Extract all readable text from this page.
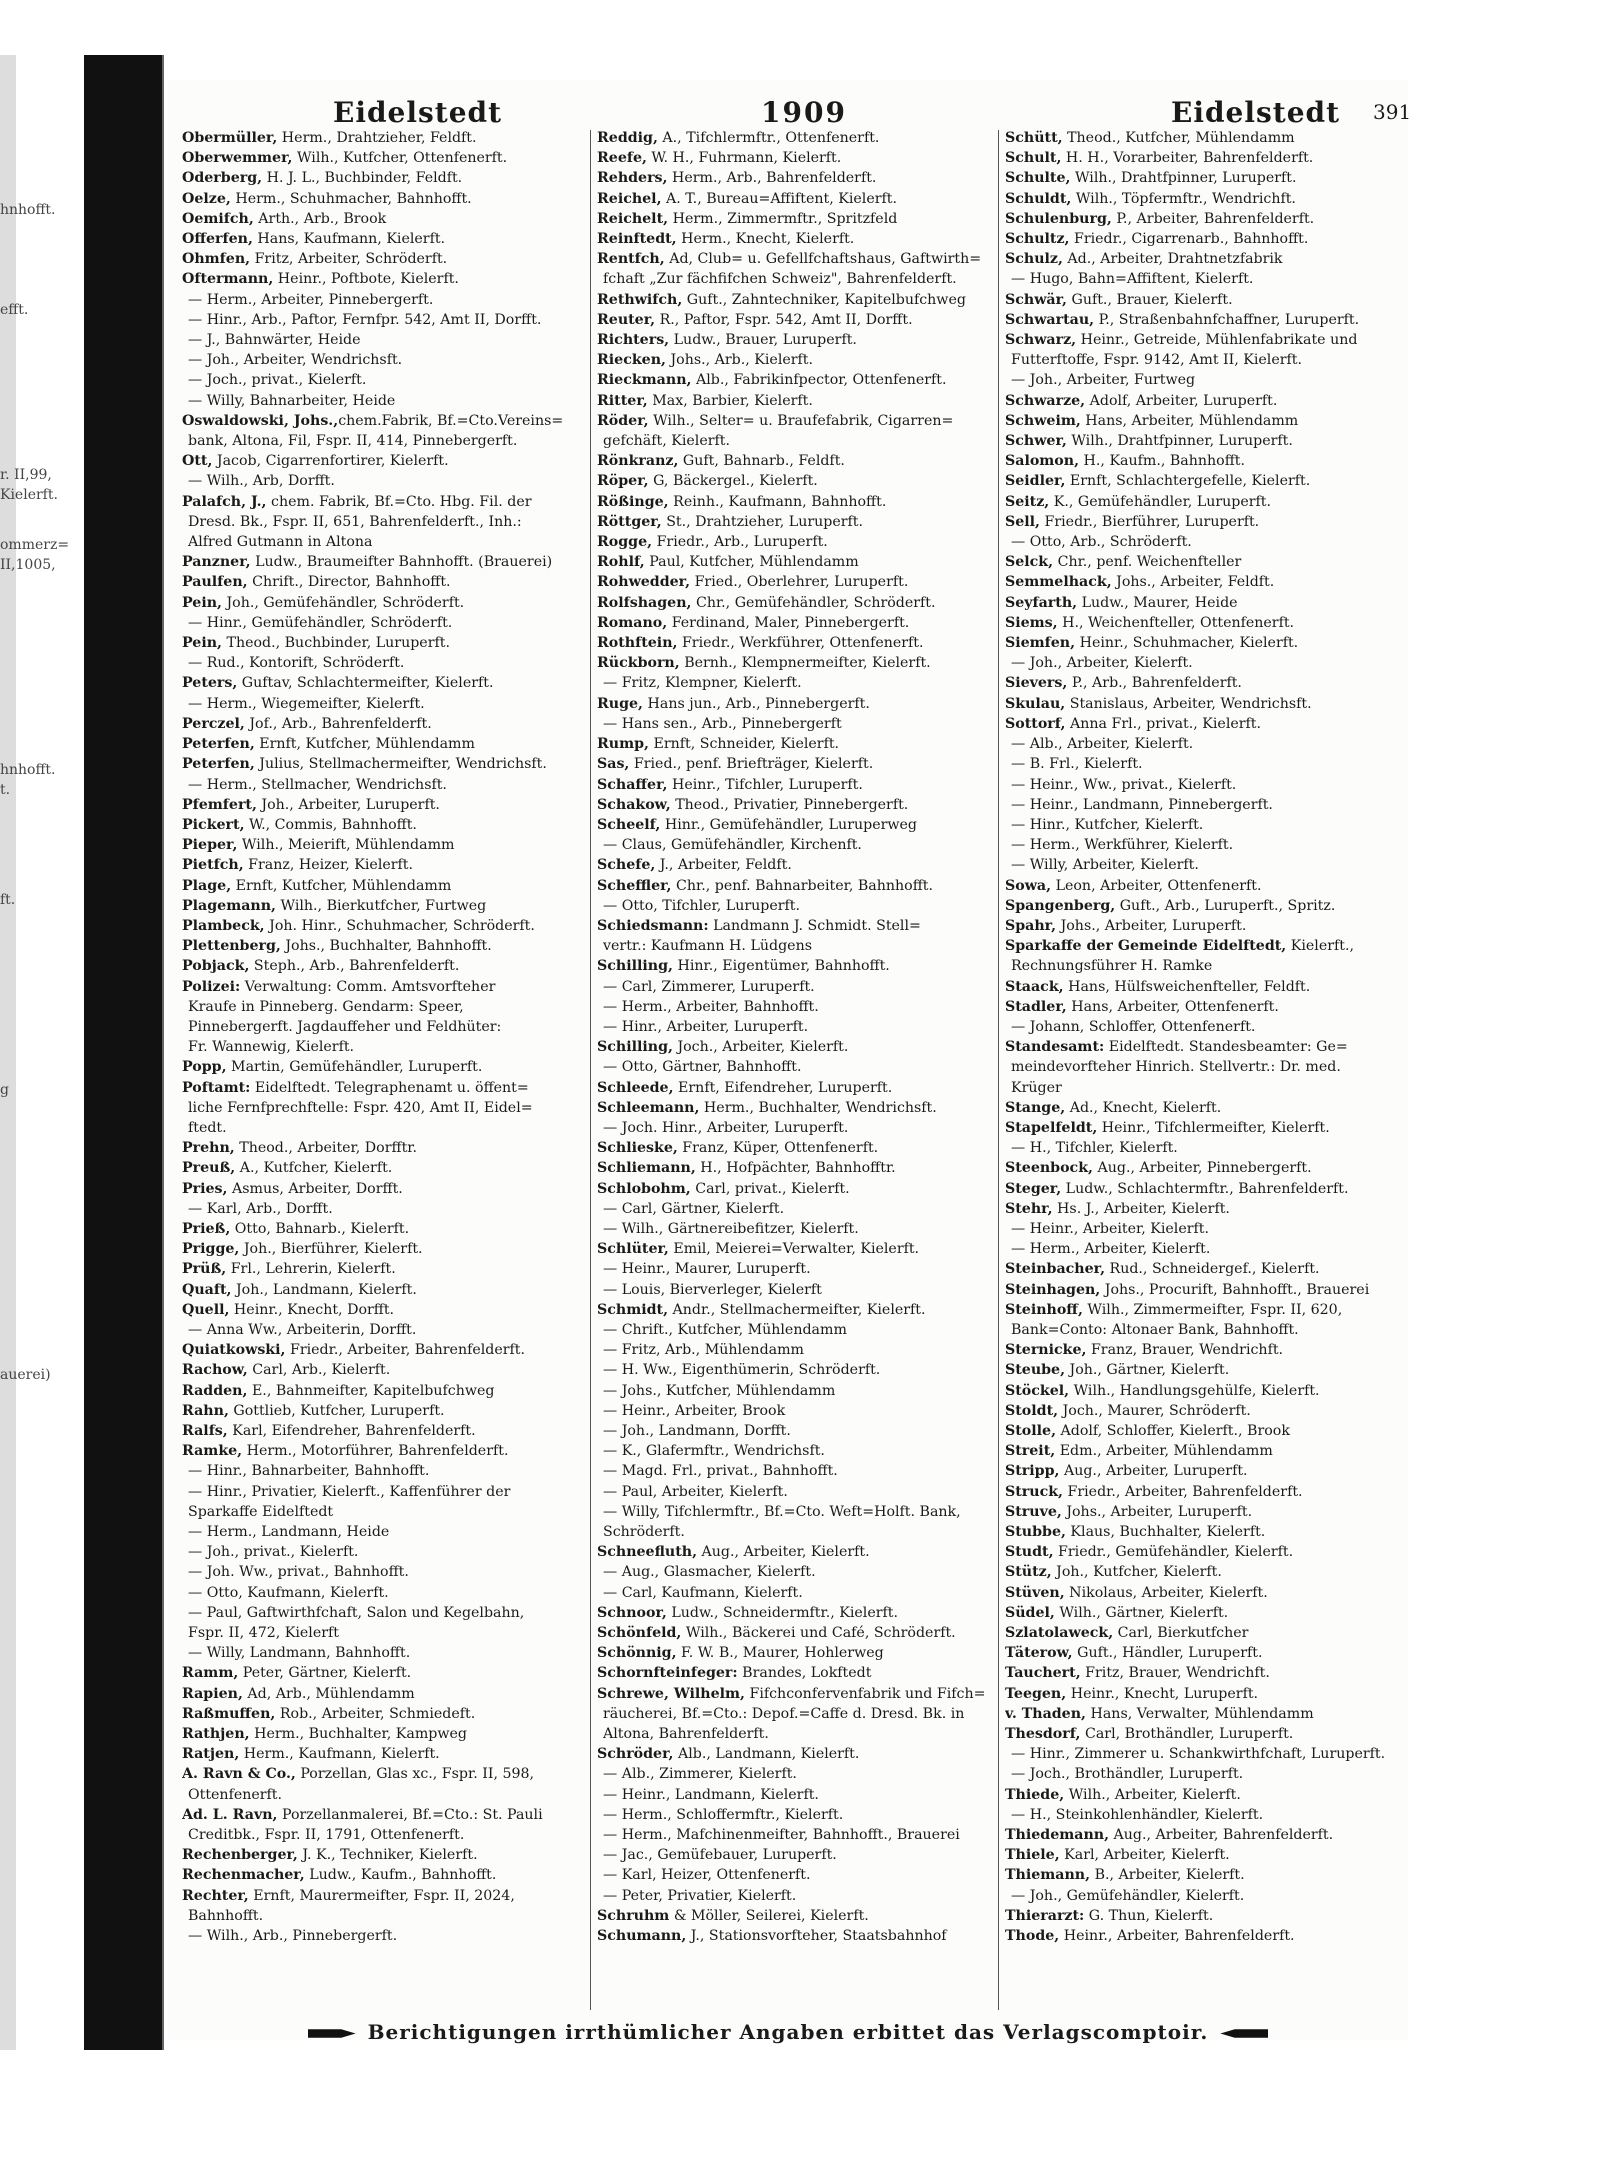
hnhofft.
efft.
r. II,99,
Kielerft.
ommerz=
II,1005,
hnhofft.
t.
ft.
g
auerei)
Eidelstedt	1909	Eidelstedt 391
Obermüller, Herm., Drahtzieher, Feldft.
Oberwemmer, Wilh., Kutfcher, Ottenfenerft.
Oderberg, H. J. L., Buchbinder, Feldft.
Oelze, Herm., Schuhmacher, Bahnhofft.
Oemifch, Arth., Arb., Brook
Offerfen, Hans, Kaufmann, Kielerft.
Ohmfen, Fritz, Arbeiter, Schröderft.
Oftermann, Heinr., Poftbote, Kielerft.
— Herm., Arbeiter, Pinnebergerft.
— Hinr., Arb., Paftor, Fernfpr. 542, Amt II, Dorfft.
— J., Bahnwärter, Heide
— Joh., Arbeiter, Wendrichsft.
— Joch., privat., Kielerft.
— Willy, Bahnarbeiter, Heide
Oswaldowski, Johs.,chem.Fabrik, Bf.=Cto.Vereins=
bank, Altona, Fil, Fspr. II, 414, Pinnebergerft.
Ott, Jacob, Cigarrenfortirer, Kielerft.
— Wilh., Arb, Dorfft.
Palafch, J., chem. Fabrik, Bf.=Cto. Hbg. Fil. der
Dresd. Bk., Fspr. II, 651, Bahrenfelderft., Inh.:
Alfred Gutmann in Altona
Panzner, Ludw., Braumeifter Bahnhofft. (Brauerei)
Paulfen, Chrift., Director, Bahnhofft.
Pein, Joh., Gemüfehändler, Schröderft.
— Hinr., Gemüfehändler, Schröderft.
Pein, Theod., Buchbinder, Luruperft.
— Rud., Kontorift, Schröderft.
Peters, Guftav, Schlachtermeifter, Kielerft.
— Herm., Wiegemeifter, Kielerft.
Perczel, Jof., Arb., Bahrenfelderft.
Peterfen, Ernft, Kutfcher, Mühlendamm
Peterfen, Julius, Stellmachermeifter, Wendrichsft.
— Herm., Stellmacher, Wendrichsft.
Pfemfert, Joh., Arbeiter, Luruperft.
Pickert, W., Commis, Bahnhofft.
Pieper, Wilh., Meierift, Mühlendamm
Pietfch, Franz, Heizer, Kielerft.
Plage, Ernft, Kutfcher, Mühlendamm
Plagemann, Wilh., Bierkutfcher, Furtweg
Plambeck, Joh. Hinr., Schuhmacher, Schröderft.
Plettenberg, Johs., Buchhalter, Bahnhofft.
Pobjack, Steph., Arb., Bahrenfelderft.
Polizei: Verwaltung: Comm. Amtsvorfteher
Kraufe in Pinneberg. Gendarm: Speer,
Pinnebergerft. Jagdauffeher und Feldhüter:
Fr. Wannewig, Kielerft.
Popp, Martin, Gemüfehändler, Luruperft.
Poftamt: Eidelftedt. Telegraphenamt u. öffent=
liche Fernfprechftelle: Fspr. 420, Amt II, Eidel=
ftedt.
Prehn, Theod., Arbeiter, Dorfftr.
Preuß, A., Kutfcher, Kielerft.
Pries, Asmus, Arbeiter, Dorfft.
— Karl, Arb., Dorfft.
Prieß, Otto, Bahnarb., Kielerft.
Prigge, Joh., Bierführer, Kielerft.
Prüß, Frl., Lehrerin, Kielerft.
Quaft, Joh., Landmann, Kielerft.
Quell, Heinr., Knecht, Dorfft.
— Anna Ww., Arbeiterin, Dorfft.
Quiatkowski, Friedr., Arbeiter, Bahrenfelderft.
Rachow, Carl, Arb., Kielerft.
Radden, E., Bahnmeifter, Kapitelbufchweg
Rahn, Gottlieb, Kutfcher, Luruperft.
Ralfs, Karl, Eifendreher, Bahrenfelderft.
Ramke, Herm., Motorführer, Bahrenfelderft.
— Hinr., Bahnarbeiter, Bahnhofft.
— Hinr., Privatier, Kielerft., Kaffenführer der
Sparkaffe Eidelftedt
— Herm., Landmann, Heide
— Joh., privat., Kielerft.
— Joh. Ww., privat., Bahnhofft.
— Otto, Kaufmann, Kielerft.
— Paul, Gaftwirthfchaft, Salon und Kegelbahn,
Fspr. II, 472, Kielerft
— Willy, Landmann, Bahnhofft.
Ramm, Peter, Gärtner, Kielerft.
Rapien, Ad, Arb., Mühlendamm
Raßmuffen, Rob., Arbeiter, Schmiedeft.
Rathjen, Herm., Buchhalter, Kampweg
Ratjen, Herm., Kaufmann, Kielerft.
A. Ravn & Co., Porzellan, Glas xc., Fspr. II, 598,
Ottenfenerft.
Ad. L. Ravn, Porzellanmalerei, Bf.=Cto.: St. Pauli
Creditbk., Fspr. II, 1791, Ottenfenerft.
Rechenberger, J. K., Techniker, Kielerft.
Rechenmacher, Ludw., Kaufm., Bahnhofft.
Rechter, Ernft, Maurermeifter, Fspr. II, 2024,
Bahnhofft.
— Wilh., Arb., Pinnebergerft.
Reddig, A., Tifchlermftr., Ottenfenerft.
Reefe, W. H., Fuhrmann, Kielerft.
Rehders, Herm., Arb., Bahrenfelderft.
Reichel, A. T., Bureau=Affiftent, Kielerft.
Reichelt, Herm., Zimmermftr., Spritzfeld
Reinftedt, Herm., Knecht, Kielerft.
Rentfch, Ad, Club= u. Gefellfchaftshaus, Gaftwirth=
fchaft „Zur fächfifchen Schweiz", Bahrenfelderft.
Rethwifch, Guft., Zahntechniker, Kapitelbufchweg
Reuter, R., Paftor, Fspr. 542, Amt II, Dorfft.
Richters, Ludw., Brauer, Luruperft.
Riecken, Johs., Arb., Kielerft.
Rieckmann, Alb., Fabrikinfpector, Ottenfenerft.
Ritter, Max, Barbier, Kielerft.
Röder, Wilh., Selter= u. Braufefabrik, Cigarren=
gefchäft, Kielerft.
Rönkranz, Guft, Bahnarb., Feldft.
Röper, G, Bäckergel., Kielerft.
Rößinge, Reinh., Kaufmann, Bahnhofft.
Röttger, St., Drahtzieher, Luruperft.
Rogge, Friedr., Arb., Luruperft.
Rohlf, Paul, Kutfcher, Mühlendamm
Rohwedder, Fried., Oberlehrer, Luruperft.
Rolfshagen, Chr., Gemüfehändler, Schröderft.
Romano, Ferdinand, Maler, Pinnebergerft.
Rothftein, Friedr., Werkführer, Ottenfenerft.
Rückborn, Bernh., Klempnermeifter, Kielerft.
— Fritz, Klempner, Kielerft.
Ruge, Hans jun., Arb., Pinnebergerft.
— Hans sen., Arb., Pinnebergerft
Rump, Ernft, Schneider, Kielerft.
Sas, Fried., penf. Briefträger, Kielerft.
Schaffer, Heinr., Tifchler, Luruperft.
Schakow, Theod., Privatier, Pinnebergerft.
Scheelf, Hinr., Gemüfehändler, Luruperweg
— Claus, Gemüfehändler, Kirchenft.
Schefe, J., Arbeiter, Feldft.
Scheffler, Chr., penf. Bahnarbeiter, Bahnhofft.
— Otto, Tifchler, Luruperft.
Schiedsmann: Landmann J. Schmidt. Stell=
vertr.: Kaufmann H. Lüdgens
Schilling, Hinr., Eigentümer, Bahnhofft.
— Carl, Zimmerer, Luruperft.
— Herm., Arbeiter, Bahnhofft.
— Hinr., Arbeiter, Luruperft.
Schilling, Joch., Arbeiter, Kielerft.
— Otto, Gärtner, Bahnhofft.
Schleede, Ernft, Eifendreher, Luruperft.
Schleemann, Herm., Buchhalter, Wendrichsft.
— Joch. Hinr., Arbeiter, Luruperft.
Schlieske, Franz, Küper, Ottenfenerft.
Schliemann, H., Hofpächter, Bahnhofftr.
Schlobohm, Carl, privat., Kielerft.
— Carl, Gärtner, Kielerft.
— Wilh., Gärtnereibefitzer, Kielerft.
Schlüter, Emil, Meierei=Verwalter, Kielerft.
— Heinr., Maurer, Luruperft.
— Louis, Bierverleger, Kielerft
Schmidt, Andr., Stellmachermeifter, Kielerft.
— Chrift., Kutfcher, Mühlendamm
— Fritz, Arb., Mühlendamm
— H. Ww., Eigenthümerin, Schröderft.
— Johs., Kutfcher, Mühlendamm
— Heinr., Arbeiter, Brook
— Joh., Landmann, Dorfft.
— K., Glafermftr., Wendrichsft.
— Magd. Frl., privat., Bahnhofft.
— Paul, Arbeiter, Kielerft.
— Willy, Tifchlermftr., Bf.=Cto. Weft=Holft. Bank,
Schröderft.
Schneefluth, Aug., Arbeiter, Kielerft.
— Aug., Glasmacher, Kielerft.
— Carl, Kaufmann, Kielerft.
Schnoor, Ludw., Schneidermftr., Kielerft.
Schönfeld, Wilh., Bäckerei und Café, Schröderft.
Schönnig, F. W. B., Maurer, Hohlerweg
Schornfteinfeger: Brandes, Lokftedt
Schrewe, Wilhelm, Fifchconfervenfabrik und Fifch=
räucherei, Bf.=Cto.: Depof.=Caffe d. Dresd. Bk. in
Altona, Bahrenfelderft.
Schröder, Alb., Landmann, Kielerft.
— Alb., Zimmerer, Kielerft.
— Heinr., Landmann, Kielerft.
— Herm., Schloffermftr., Kielerft.
— Herm., Mafchinenmeifter, Bahnhofft., Brauerei
— Jac., Gemüfebauer, Luruperft.
— Karl, Heizer, Ottenfenerft.
— Peter, Privatier, Kielerft.
Schruhm & Möller, Seilerei, Kielerft.
Schumann, J., Stationsvorfteher, Staatsbahnhof
Schütt, Theod., Kutfcher, Mühlendamm
Schult, H. H., Vorarbeiter, Bahrenfelderft.
Schulte, Wilh., Drahtfpinner, Luruperft.
Schuldt, Wilh., Töpfermftr., Wendrichft.
Schulenburg, P., Arbeiter, Bahrenfelderft.
Schultz, Friedr., Cigarrenarb., Bahnhofft.
Schulz, Ad., Arbeiter, Drahtnetzfabrik
— Hugo, Bahn=Affiftent, Kielerft.
Schwär, Guft., Brauer, Kielerft.
Schwartau, P., Straßenbahnfchaffner, Luruperft.
Schwarz, Heinr., Getreide, Mühlenfabrikate und
Futterftoffe, Fspr. 9142, Amt II, Kielerft.
— Joh., Arbeiter, Furtweg
Schwarze, Adolf, Arbeiter, Luruperft.
Schweim, Hans, Arbeiter, Mühlendamm
Schwer, Wilh., Drahtfpinner, Luruperft.
Salomon, H., Kaufm., Bahnhofft.
Seidler, Ernft, Schlachtergefelle, Kielerft.
Seitz, K., Gemüfehändler, Luruperft.
Sell, Friedr., Bierführer, Luruperft.
— Otto, Arb., Schröderft.
Selck, Chr., penf. Weichenfteller
Semmelhack, Johs., Arbeiter, Feldft.
Seyfarth, Ludw., Maurer, Heide
Siems, H., Weichenfteller, Ottenfenerft.
Siemfen, Heinr., Schuhmacher, Kielerft.
— Joh., Arbeiter, Kielerft.
Sievers, P., Arb., Bahrenfelderft.
Skulau, Stanislaus, Arbeiter, Wendrichsft.
Sottorf, Anna Frl., privat., Kielerft.
— Alb., Arbeiter, Kielerft.
— B. Frl., Kielerft.
— Heinr., Ww., privat., Kielerft.
— Heinr., Landmann, Pinnebergerft.
— Hinr., Kutfcher, Kielerft.
— Herm., Werkführer, Kielerft.
— Willy, Arbeiter, Kielerft.
Sowa, Leon, Arbeiter, Ottenfenerft.
Spangenberg, Guft., Arb., Luruperft., Spritz.
Spahr, Johs., Arbeiter, Luruperft.
Sparkaffe der Gemeinde Eidelftedt, Kielerft.,
Rechnungsführer H. Ramke
Staack, Hans, Hülfsweichenfteller, Feldft.
Stadler, Hans, Arbeiter, Ottenfenerft.
— Johann, Schloffer, Ottenfenerft.
Standesamt: Eidelftedt. Standesbeamter: Ge=
meindevorfteher Hinrich. Stellvertr.: Dr. med.
Krüger
Stange, Ad., Knecht, Kielerft.
Stapelfeldt, Heinr., Tifchlermeifter, Kielerft.
— H., Tifchler, Kielerft.
Steenbock, Aug., Arbeiter, Pinnebergerft.
Steger, Ludw., Schlachtermftr., Bahrenfelderft.
Stehr, Hs. J., Arbeiter, Kielerft.
— Heinr., Arbeiter, Kielerft.
— Herm., Arbeiter, Kielerft.
Steinbacher, Rud., Schneidergef., Kielerft.
Steinhagen, Johs., Procurift, Bahnhofft., Brauerei
Steinhoff, Wilh., Zimmermeifter, Fspr. II, 620,
Bank=Conto: Altonaer Bank, Bahnhofft.
Sternicke, Franz, Brauer, Wendrichft.
Steube, Joh., Gärtner, Kielerft.
Stöckel, Wilh., Handlungsgehülfe, Kielerft.
Stoldt, Joch., Maurer, Schröderft.
Stolle, Adolf, Schloffer, Kielerft., Brook
Streit, Edm., Arbeiter, Mühlendamm
Stripp, Aug., Arbeiter, Luruperft.
Struck, Friedr., Arbeiter, Bahrenfelderft.
Struve, Johs., Arbeiter, Luruperft.
Stubbe, Klaus, Buchhalter, Kielerft.
Studt, Friedr., Gemüfehändler, Kielerft.
Stütz, Joh., Kutfcher, Kielerft.
Stüven, Nikolaus, Arbeiter, Kielerft.
Südel, Wilh., Gärtner, Kielerft.
Szlatolaweck, Carl, Bierkutfcher
Täterow, Guft., Händler, Luruperft.
Tauchert, Fritz, Brauer, Wendrichft.
Teegen, Heinr., Knecht, Luruperft.
v. Thaden, Hans, Verwalter, Mühlendamm
Thesdorf, Carl, Brothändler, Luruperft.
— Hinr., Zimmerer u. Schankwirthfchaft, Luruperft.
— Joch., Brothändler, Luruperft.
Thiede, Wilh., Arbeiter, Kielerft.
— H., Steinkohlenhändler, Kielerft.
Thiedemann, Aug., Arbeiter, Bahrenfelderft.
Thiele, Karl, Arbeiter, Kielerft.
Thiemann, B., Arbeiter, Kielerft.
— Joh., Gemüfehändler, Kielerft.
Thierarzt: G. Thun, Kielerft.
Thode, Heinr., Arbeiter, Bahrenfelderft.
Berichtigungen irrthümlicher Angaben erbittet das Verlagscomptoir.
